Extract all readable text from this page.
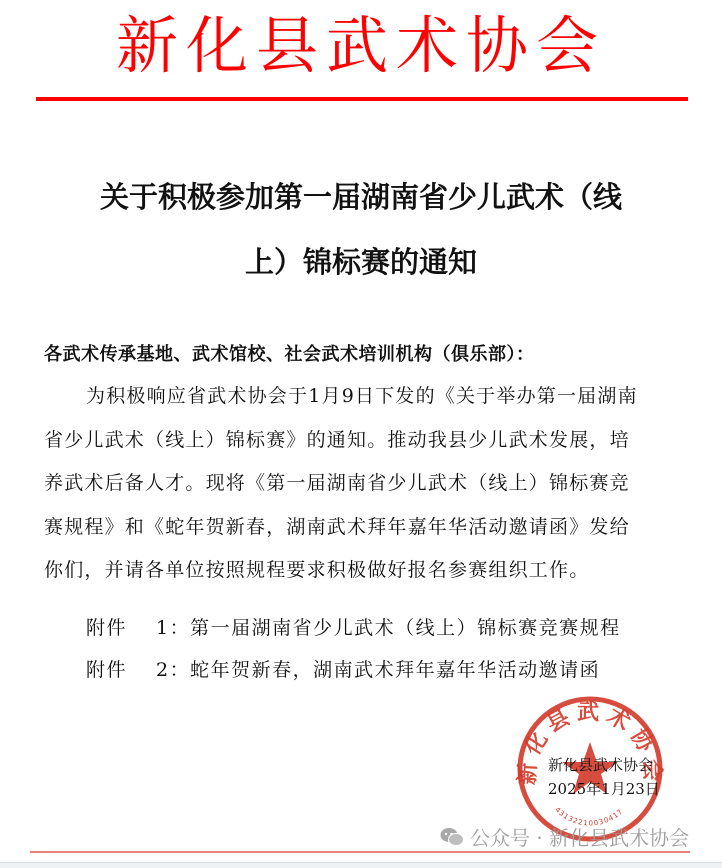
新化县武术协会
关于积极参加第一届湖南省少儿武术（线
上）锦标赛的通知
各武术传承基地、武术馆校、社会武术培训机构（俱乐部）：
为积极响应省武术协会于1月9日下发的《关于举办第一届湖南
省少儿武术（线上）锦标赛》的通知。推动我县少儿武术发展，培
养武术后备人才。现将《第一届湖南省少儿武术（线上）锦标赛竞
赛规程》和《蛇年贺新春，湖南武术拜年嘉年华活动邀请函》发给
你们，并请各单位按照规程要求积极做好报名参赛组织工作。
附件 1：第一届湖南省少儿武术（线上）锦标赛竞赛规程
附件 2：蛇年贺新春，湖南武术拜年嘉年华活动邀请函
新化县武术协会
43132210030417
新化县武术协会
2025年1月23日
公众号 · 新化县武术协会
